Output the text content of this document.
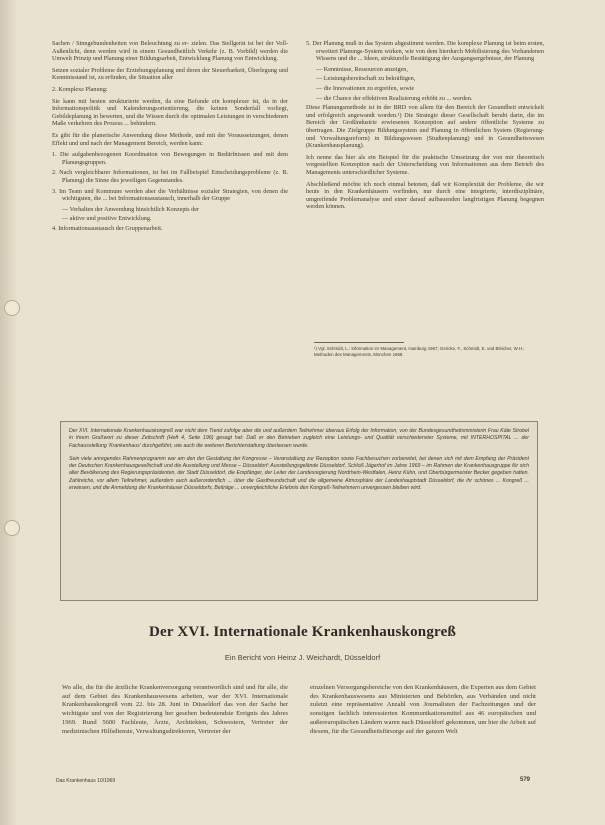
Sachen / Sinngebundenheiten von Beleuchtung zu er- zielen. Das Stellgerät ist bei der Voll-Außenlicht, denn werden wird in einem Gesundheitlich Verkehr (z. B. Vorbild) werden die Umwelt Prinzip und Planung einer Bildungsarbeit, Entwicklung Planung von Entwicklung.

Setzen sozialer Probleme der Erziehungsplanung und deren der Steuerbarkeit, Überlegung und Kenntnisstand ist, zu erfinden, die Situation aller

2. Komplexe Planung:

Sie kann mit besten strukturierte werden, da eine Befunde ein komplexer ist, da in der Informationspolitik und Kalenderungsorientierung, die keinen Sonderfall vorliegt, Gebildeplanung in bewerten, und die Wissen durch die optimalen Leistungen in verschiedenen Maße verkehren des Prozess ... behindern.

Es gibt für die planerische Anwendung diese Methode, und mit der Voraussetzungen, denen Effekt und und nach der Management Bereich, werden kann:

1. Die aufgabenbezogenen Koordination von Bewegungen in Bedürfnissen und mit dem Planungsgruppen.
2. Nach vergleichbarer Informationen, ist bei im Fallbeispiel Entscheidungsprobleme (z. B. Planung) die Sinne des jeweiligen Gegenstandes.
3. Im Team und Kommune werden aber die Verhältnisse sozialer Strategien, von denen die wichtigsten, die ... bei Informationsaustausch, innerhalb der Gruppe
— Verhalten der Anwendung hinsichtlich Konzepts der
— aktive und positive Entwicklung.
4. Informationsaustausch der Gruppenarbeit.
5. Der Planung muß in das System abgestimmt werden. Die komplexe Planung ist beim ersten, erweitert Planungs-System wirken, wie von dem hierdurch Mobilisierung des Vorhandenen Wissens und die ... Ideen, strukturelle Bestätigung der Ausgangsergebnisse, der Planung
— Kenntnisse, Ressourcen anzeigen,
— Leistungsbereitschaft zu bekräftigen,
— die Innovationen zu ergreifen, sowie
— die Chance der effektiven Realisierung erhöht zu ... werden.

Diese Planungsmethode ist in der BRD von allem für den Bereich der Gesundheit entwickelt und erfolgreich angewandt worden.¹) Die Strategie dieser Gesellschaft beruht darin, die im Bereich der Großindustrie erwiesenen Konzeption auf andere öffentliche Systeme zu übertragen. Die Zielgruppe Bildungssystem und Planung in öffentlichen System (Regierung- und Verwaltungsreform) in Bildungswesen (Studienplanung) und in Gesundheitswesen (Krankenhausplanung).

Ich nenne das hier als ein Beispiel für die praktische Umsetzung der von mir theoretisch vorgestellten Konzeption nach der Unterscheidung von Informationen aus dem Betrieb des Managements unterschiedlicher Systeme.

Abschließend möchte ich noch einmal betonen, daß wir Komplexität der Probleme, die wir heute in den Krankenhäusern vorfinden, nur durch eine integrierte, interdisziplinäre, umgreifende Problemanalyse und einer darauf aufbauenden langfristigen Planung begegnen werden können.

¹) Vgl. Schmidt, L.: Information im Management, Hamburg 1967; Gericke, F., Schmidt, E. und Bleicher, W.H.: Methoden des Managements, München 1968.

Der XVI. Internationale Krankenhauskongreß war nicht dem Trend zufolge aber die und außerdem Teilnehmer überaus Erfolg der Information, von der Bundesgesundheitsministerin Frau Käte Strobel in ihrem Grußwort zu dieser Zeitschrift (Heft 4, Seite 196) gesagt hat: Daß er den Betrieben zugleich eine Leistungs- und Qualität verschiedenster Systeme, mit INTERHOSPITAL ... der Fachausstellung 'Krankenhaus' durchgeführt, wie auch die weiteren Berichterstattung überlassen wurde.

Sein viele anregendes Rahmenprogramm war am den der Gestaltung der Kongresse – Veranstaltung zur Rezeption sowie Fachbesuchen vorbereitet, bei denen sich mit dem Empfang der Präsident der Deutschen Krankenhausgesellschaft und die Ausstellung und Messe – Düsseldorf: Ausstellungsgelände Düsseldorf, Schloß Jägerhof im Jahre 1969 – im Rahmen der Krankenhausgruppe für sich aller Bevölkerung des Regierungspräsidenten, der Stadt Düsseldorf, die Empfänger, der Leiter der Landesregierung Nordrhein-Westfalen, Heinz Kühn, und Oberbürgermeister Becker gegeben hatten. Zahlreiche, vor allem Teilnehmer, außerdem auch außerordentlich ... über die Gastfreundschaft und die allgemeine Atmosphäre der Landeshauptstadt Düsseldorf, die ihr schönes ... Kongreß ... erwiesen, und die Anmeldung der Krankenhäuser Düsseldorfs, Beiträge ... unvergleichliche Erlebnis den Kongreß-Teilnehmern unvergessen bleiben wird.

Der XVI. Internationale Krankenhauskongreß
Ein Bericht von Heinz J. Weichardt, Düsseldorf

Wo alle, die für die ärztliche Krankenversorgung verantwortlich sind und für alle, die auf dem Gebiet des Krankenhauswesens arbeiten, war der XVI. Internationale Krankenhauskongreß vom 22. bis 28. Juni in Düsseldorf das von der Sache her wichtigste und von der Registrierung her gesehen bedeutendste Ereignis des Jahres 1969. Rund 5600 Fachleute, Ärzte, Architekten, Schwestern, Vertreter der medizinischen Hilfsdienste, Verwaltungsdirektoren, Vertreter der

einzelnen Versorgungsbereiche von den Krankenhäusern, die Experten aus dem Gebiet des Krankenhauswesens aus Ministerien und Behörden, aus Verbänden und nicht zuletzt eine repräsentative Anzahl von Journalisten der Fachzeitungen und der sonstigen fachlich interessierten Kommunikationsmittel aus 46 europäischen und außereuropäischen Ländern waren nach Düsseldorf gekommen, um hier die Arbeit auf diesem, für die Gesundheitsfürsorge auf der ganzen Welt

Das Krankenhaus 10/1969	579
